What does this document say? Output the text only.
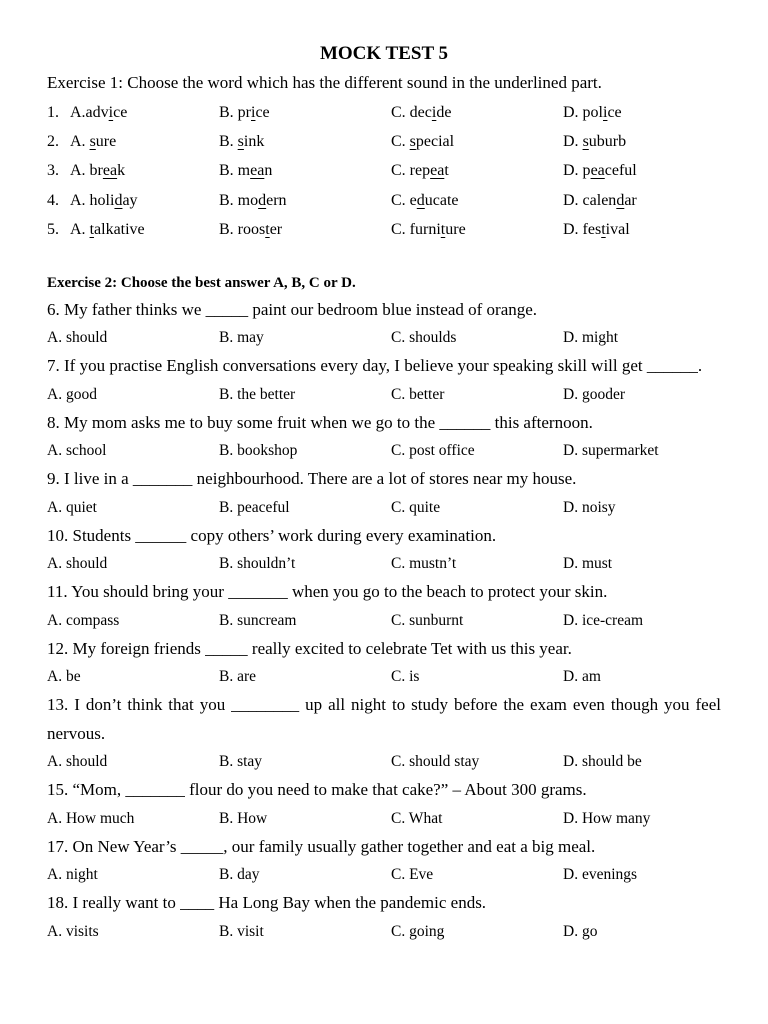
MOCK TEST 5
Exercise 1: Choose the word which has the different sound in the underlined part.
1. A.advice	B. price	C. decide	D. police
2. A. sure	B. sink	C. special	D. suburb
3. A. break	B. mean	C. repeat	D. peaceful
4. A. holiday	B. modern	C. educate	D. calendar
5. A. talkative	B. rooster	C. furniture	D. festival
Exercise 2: Choose the best answer A, B, C or D.
6. My father thinks we _____ paint our bedroom blue instead of orange.
A. should	B. may	C. shoulds	D. might
7. If you practise English conversations every day, I believe your speaking skill will get ______.
A. good	B. the better	C. better	D. gooder
8. My mom asks me to buy some fruit when we go to the ______ this afternoon.
A. school	B. bookshop	C. post office	D. supermarket
9. I live in a _______ neighbourhood. There are a lot of stores near my house.
A. quiet	B. peaceful	C. quite	D. noisy
10. Students ______ copy others’ work during every examination.
A. should	B. shouldn’t	C. mustn’t	D. must
11. You should bring your _______ when you go to the beach to protect your skin.
A. compass	B. suncream	C. sunburnt	D. ice-cream
12. My foreign friends _____ really excited to celebrate Tet with us this year.
A. be	B. are	C. is	D. am
13. I don’t think that you ________ up all night to study before the exam even though you feel nervous.
A. should	B. stay	C. should stay	D. should be
15. “Mom, _______ flour do you need to make that cake?” – About 300 grams.
A. How much	B. How	C. What	D. How many
17. On New Year’s _____, our family usually gather together and eat a big meal.
A. night	B. day	C. Eve	D. evenings
18. I really want to ____ Ha Long Bay when the pandemic ends.
A. visits	B. visit	C. going	D. go
